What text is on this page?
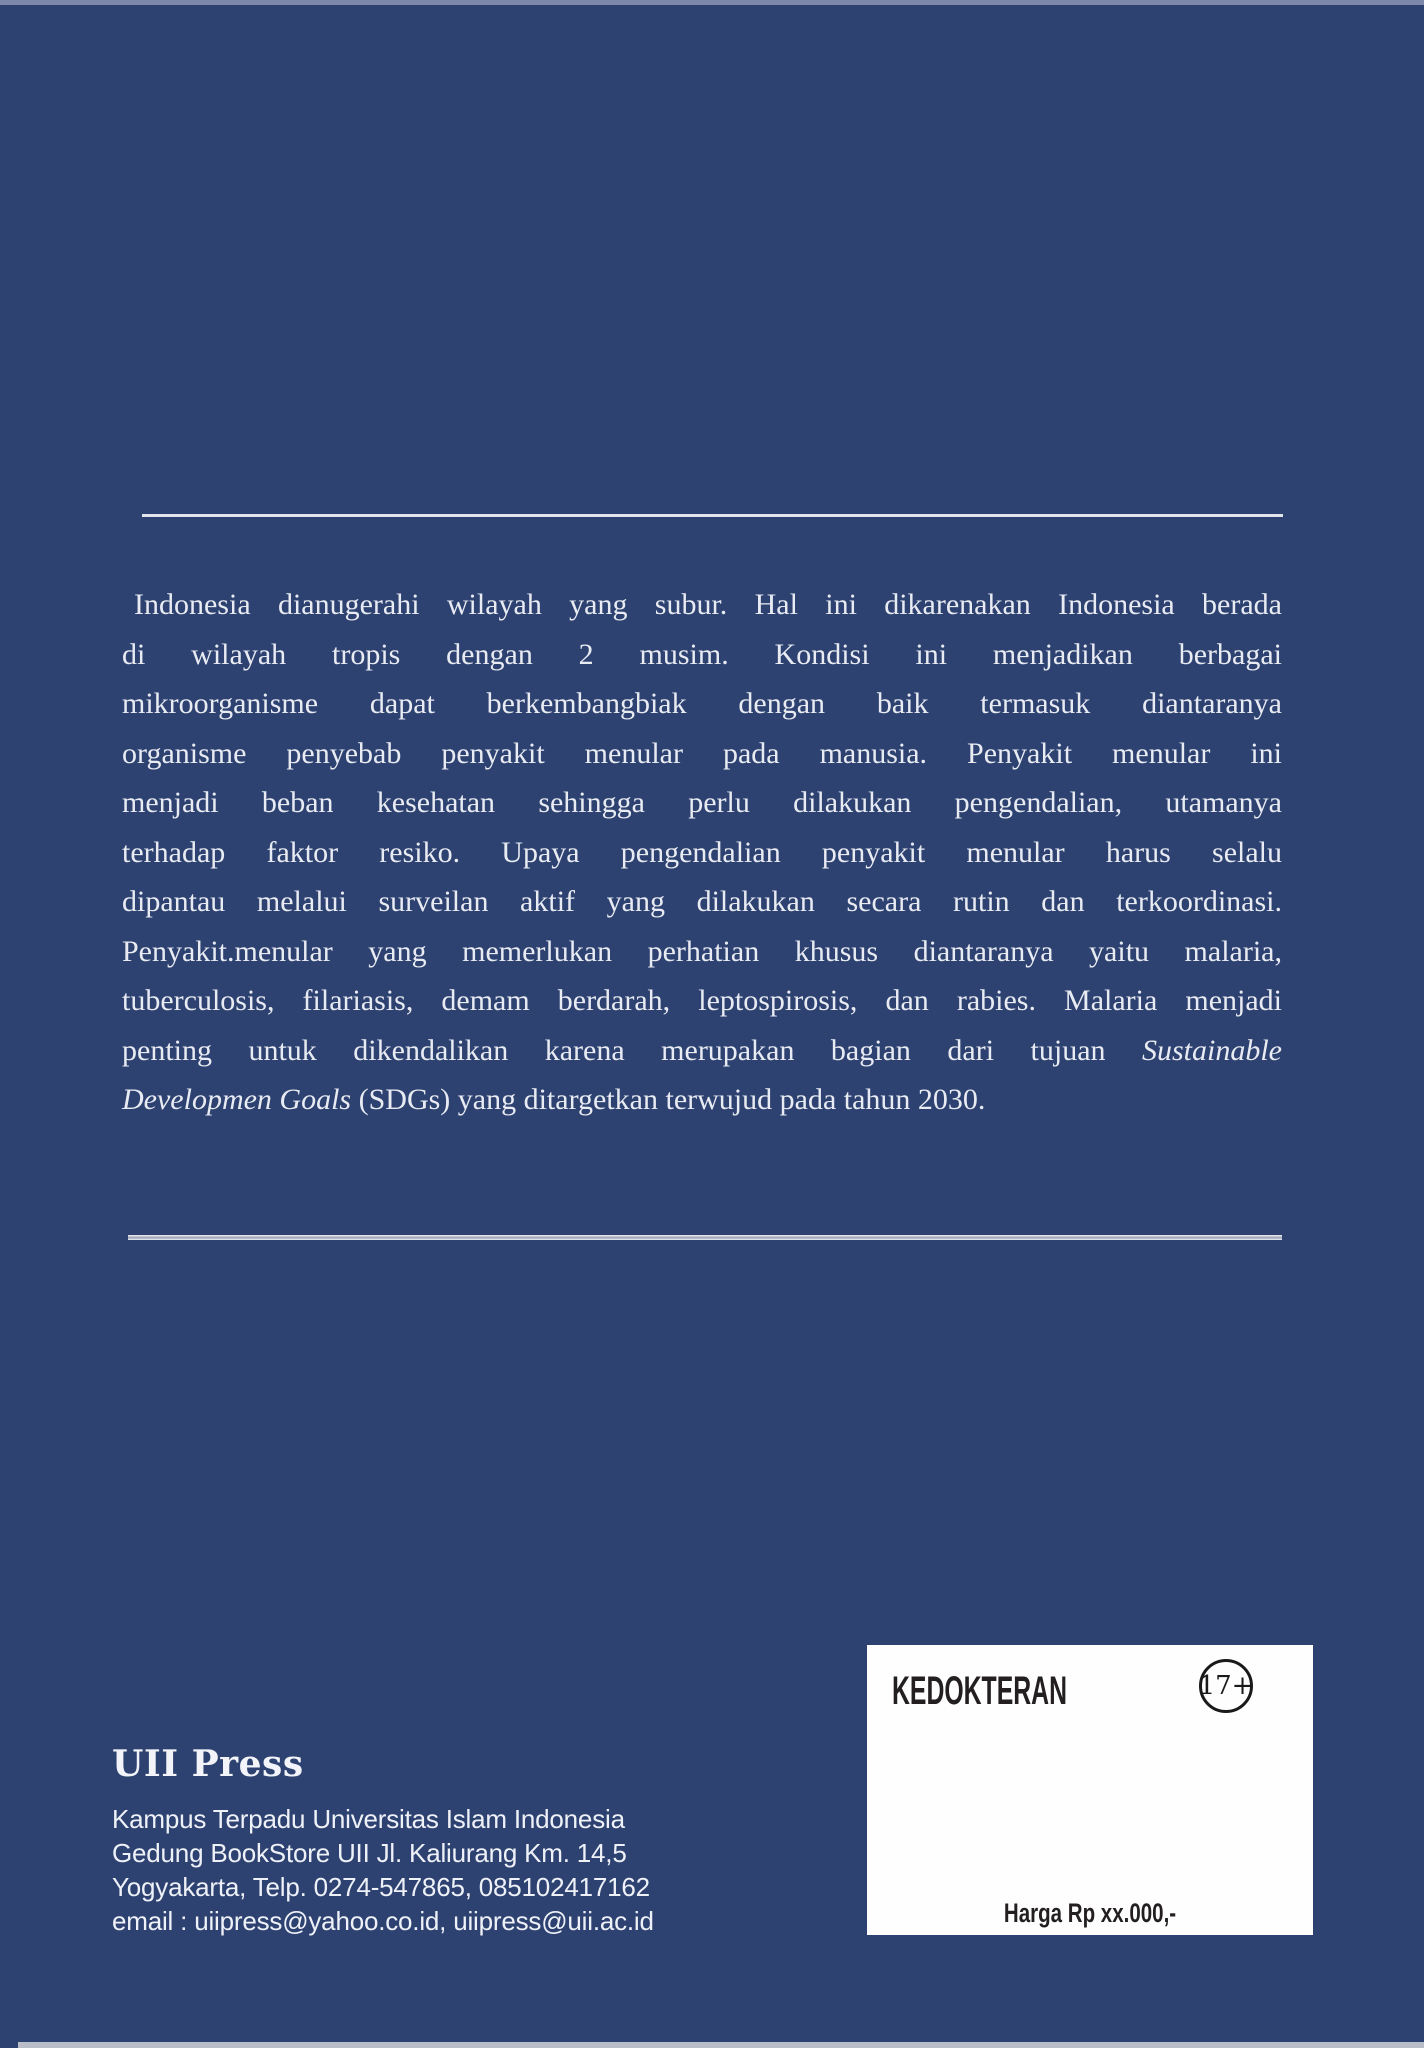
Indonesia dianugerahi wilayah yang subur. Hal ini dikarenakan Indonesia berada
di wilayah tropis dengan 2 musim. Kondisi ini menjadikan berbagai
mikroorganisme dapat berkembangbiak dengan baik termasuk diantaranya
organisme penyebab penyakit menular pada manusia. Penyakit menular ini
menjadi beban kesehatan sehingga perlu dilakukan pengendalian, utamanya
terhadap faktor resiko. Upaya pengendalian penyakit menular harus selalu
dipantau melalui surveilan aktif yang dilakukan secara rutin dan terkoordinasi.
Penyakit.menular yang memerlukan perhatian khusus diantaranya yaitu malaria,
tuberculosis, filariasis, demam berdarah, leptospirosis, dan rabies. Malaria menjadi
penting untuk dikendalikan karena merupakan bagian dari tujuan Sustainable
Developmen Goals (SDGs) yang ditargetkan terwujud pada tahun 2030.
UII Press
Kampus Terpadu Universitas Islam Indonesia
Gedung BookStore UII Jl. Kaliurang Km. 14,5
Yogyakarta, Telp. 0274-547865, 085102417162
email : uiipress@yahoo.co.id, uiipress@uii.ac.id
KEDOKTERAN	17+
Harga Rp xx.000,-
